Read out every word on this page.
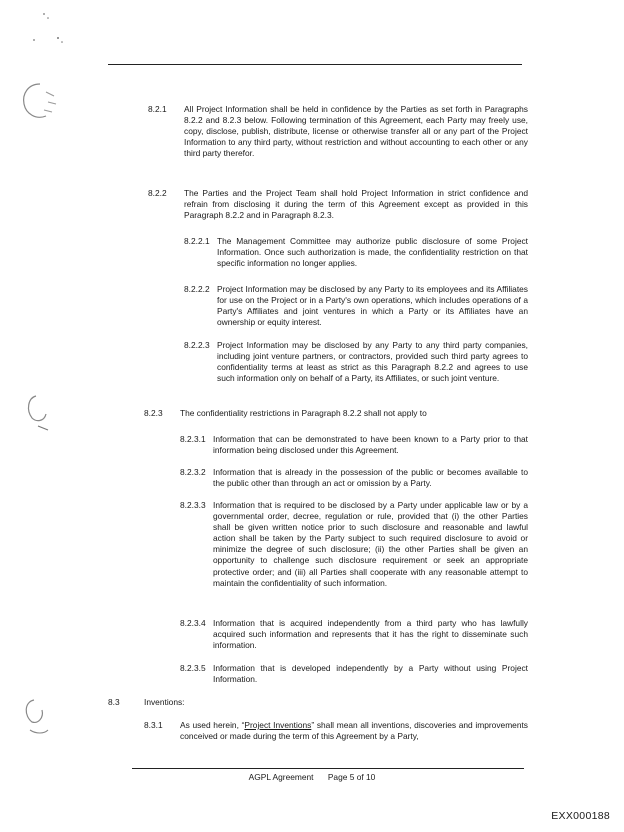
8.2.1 All Project Information shall be held in confidence by the Parties as set forth in Paragraphs 8.2.2 and 8.2.3 below. Following termination of this Agreement, each Party may freely use, copy, disclose, publish, distribute, license or otherwise transfer all or any part of the Project Information to any third party, without restriction and without accounting to each other or any third party therefor.
8.2.2 The Parties and the Project Team shall hold Project Information in strict confidence and refrain from disclosing it during the term of this Agreement except as provided in this Paragraph 8.2.2 and in Paragraph 8.2.3.
8.2.2.1 The Management Committee may authorize public disclosure of some Project Information. Once such authorization is made, the confidentiality restriction on that specific information no longer applies.
8.2.2.2 Project Information may be disclosed by any Party to its employees and its Affiliates for use on the Project or in a Party's own operations, which includes operations of a Party's Affiliates and joint ventures in which a Party or its Affiliates have an ownership or equity interest.
8.2.2.3 Project Information may be disclosed by any Party to any third party companies, including joint venture partners, or contractors, provided such third party agrees to confidentiality terms at least as strict as this Paragraph 8.2.2 and agrees to use such information only on behalf of a Party, its Affiliates, or such joint venture.
8.2.3 The confidentiality restrictions in Paragraph 8.2.2 shall not apply to
8.2.3.1 Information that can be demonstrated to have been known to a Party prior to that information being disclosed under this Agreement.
8.2.3.2 Information that is already in the possession of the public or becomes available to the public other than through an act or omission by a Party.
8.2.3.3 Information that is required to be disclosed by a Party under applicable law or by a governmental order, decree, regulation or rule, provided that (i) the other Parties shall be given written notice prior to such disclosure and reasonable and lawful action shall be taken by the Party subject to such required disclosure to avoid or minimize the degree of such disclosure; (ii) the other Parties shall be given an opportunity to challenge such disclosure requirement or seek an appropriate protective order; and (iii) all Parties shall cooperate with any reasonable attempt to maintain the confidentiality of such information.
8.2.3.4 Information that is acquired independently from a third party who has lawfully acquired such information and represents that it has the right to disseminate such information.
8.2.3.5 Information that is developed independently by a Party without using Project Information.
8.3	Inventions:
8.3.1 As used herein, “Project Inventions” shall mean all inventions, discoveries and improvements conceived or made during the term of this Agreement by a Party,
AGPL Agreement Page 5 of 10
EXX000188
